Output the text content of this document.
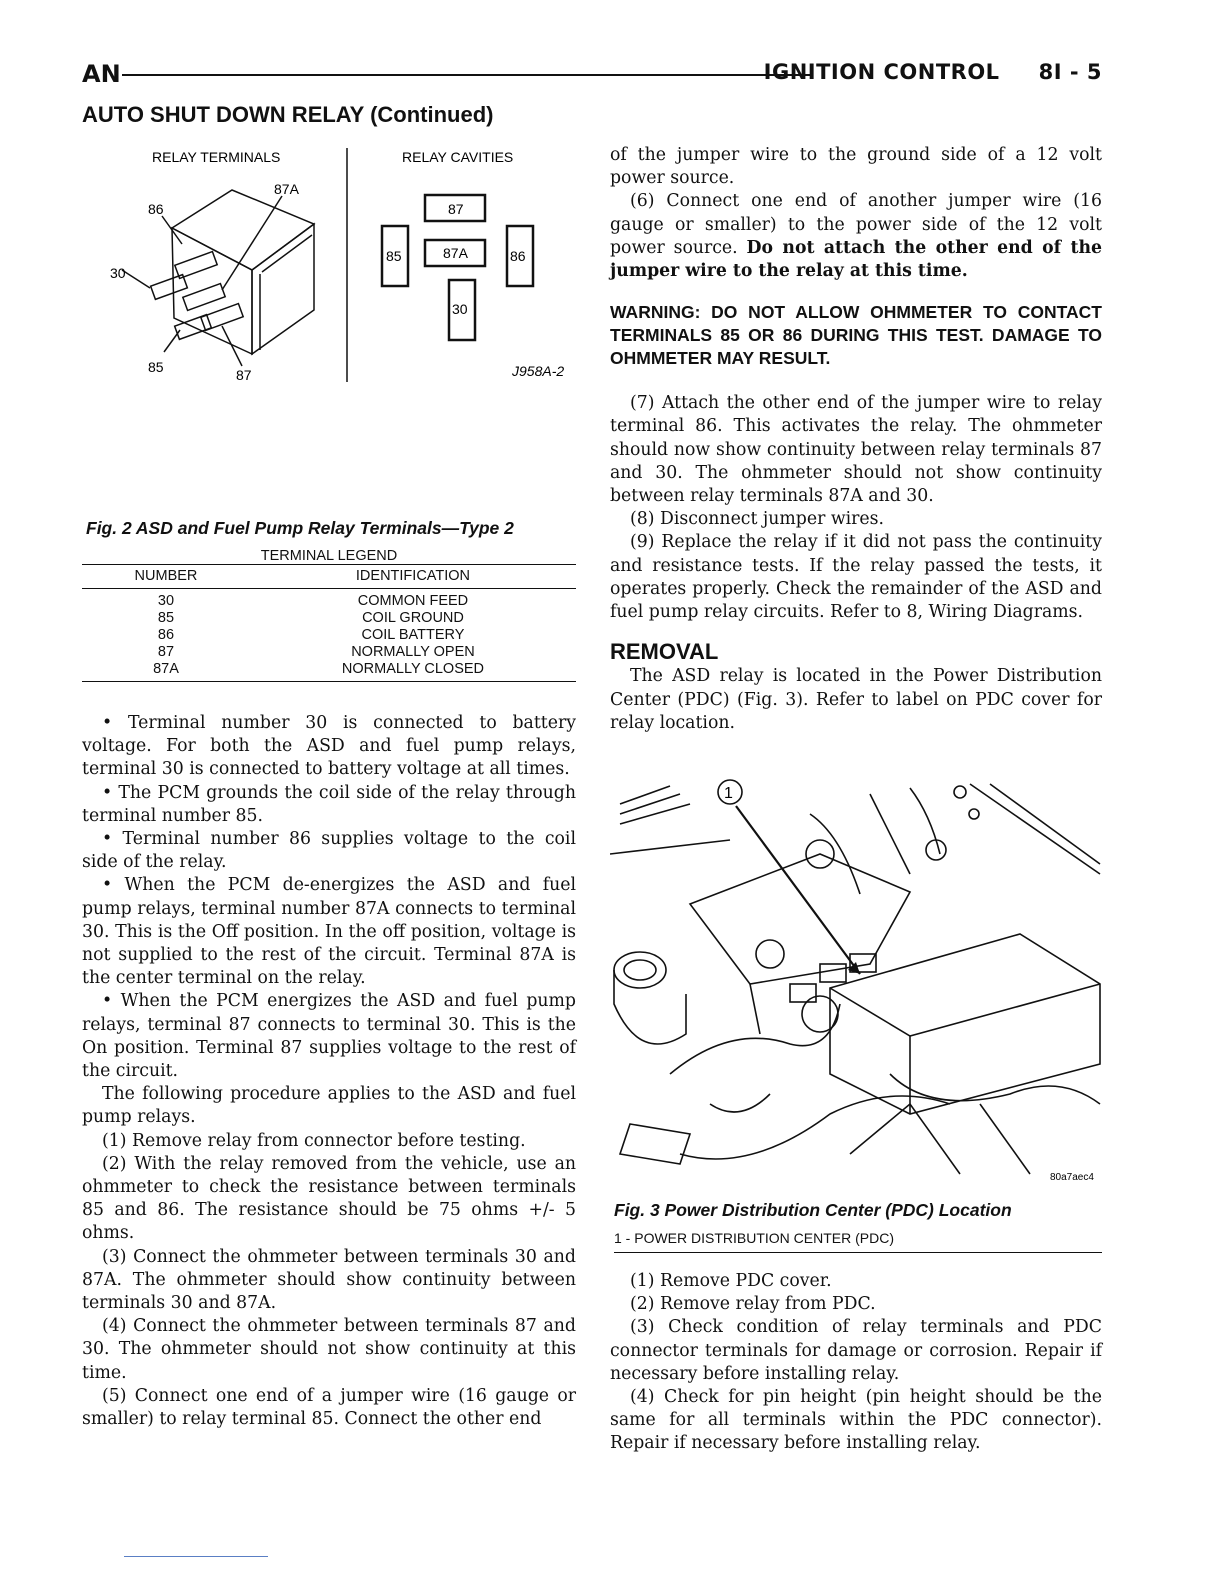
AN	IGNITION CONTROL     8I - 5
AUTO SHUT DOWN RELAY (Continued)
RELAY TERMINALS	RELAY CAVITIES
86
87A
30
85	87
87
85	87A	86
30
J958A-2
Fig. 2 ASD and Fuel Pump Relay Terminals—Type 2
TERMINAL LEGEND
NUMBER	IDENTIFICATION
30	COMMON FEED
85	COIL GROUND
86	COIL BATTERY
87	NORMALLY OPEN
87A	NORMALLY CLOSED

• Terminal number 30 is connected to battery voltage. For both the ASD and fuel pump relays, terminal 30 is connected to battery voltage at all times.

• The PCM grounds the coil side of the relay through terminal number 85.

• Terminal number 86 supplies voltage to the coil side of the relay.

• When the PCM de-energizes the ASD and fuel pump relays, terminal number 87A connects to terminal 30. This is the Off position. In the off position, voltage is not supplied to the rest of the circuit. Terminal 87A is the center terminal on the relay.

• When the PCM energizes the ASD and fuel pump relays, terminal 87 connects to terminal 30. This is the On position. Terminal 87 supplies voltage to the rest of the circuit.

The following procedure applies to the ASD and fuel pump relays.

(1) Remove relay from connector before testing.

(2) With the relay removed from the vehicle, use an ohmmeter to check the resistance between terminals 85 and 86. The resistance should be 75 ohms +/- 5 ohms.

(3) Connect the ohmmeter between terminals 30 and 87A. The ohmmeter should show continuity between terminals 30 and 87A.

(4) Connect the ohmmeter between terminals 87 and 30. The ohmmeter should not show continuity at this time.

(5) Connect one end of a jumper wire (16 gauge or smaller) to relay terminal 85. Connect the other end

of the jumper wire to the ground side of a 12 volt power source.

(6) Connect one end of another jumper wire (16 gauge or smaller) to the power side of the 12 volt power source. Do not attach the other end of the jumper wire to the relay at this time.

WARNING: DO NOT ALLOW OHMMETER TO CONTACT TERMINALS 85 OR 86 DURING THIS TEST. DAMAGE TO OHMMETER MAY RESULT.

(7) Attach the other end of the jumper wire to relay terminal 86. This activates the relay. The ohmmeter should now show continuity between relay terminals 87 and 30. The ohmmeter should not show continuity between relay terminals 87A and 30.

(8) Disconnect jumper wires.

(9) Replace the relay if it did not pass the continuity and resistance tests. If the relay passed the tests, it operates properly. Check the remainder of the ASD and fuel pump relay circuits. Refer to 8, Wiring Diagrams.

REMOVAL

The ASD relay is located in the Power Distribution Center (PDC) (Fig. 3). Refer to label on PDC cover for relay location.

1
80a7aec4
Fig. 3 Power Distribution Center (PDC) Location
1 - POWER DISTRIBUTION CENTER (PDC)

(1) Remove PDC cover.

(2) Remove relay from PDC.

(3) Check condition of relay terminals and PDC connector terminals for damage or corrosion. Repair if necessary before installing relay.

(4) Check for pin height (pin height should be the same for all terminals within the PDC connector). Repair if necessary before installing relay.
